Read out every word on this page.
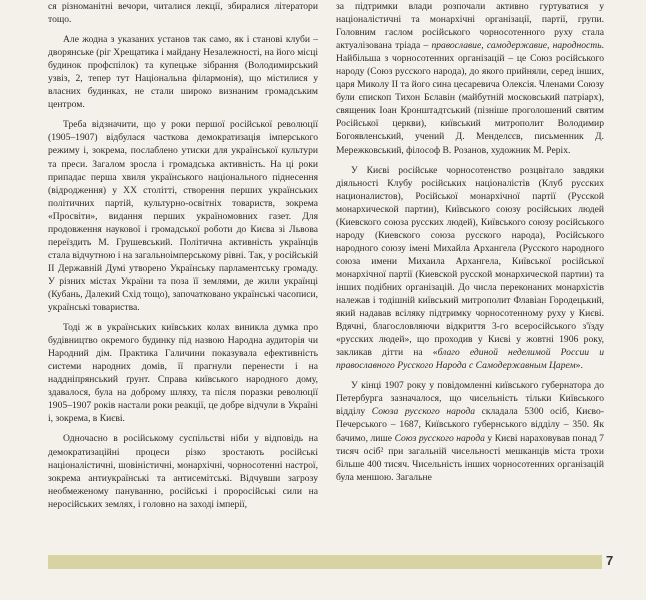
ся різноманітні вечори, читалися лекції, збиралися літератори тощо.

Але жодна з указаних установ так само, як і станові клуби – дворянське (ріг Хрещатика і майдану Незалежності, на його місці будинок профспілок) та купецьке зібрання (Володимирський узвіз, 2, тепер тут Національна філармонія), що містилися у власних будинках, не стали широко визнаним громадським центром.

Треба відзначити, що у роки першої російської революції (1905–1907) відбулася часткова демократизація імперського режиму і, зокрема, послаблено утиски для української культури та преси. Загалом зросла і громадська активність. На ці роки припадає перша хвиля українського національного піднесення (відродження) у ХХ столітті, створення перших українських політичних партій, культурно-освітніх товариств, зокрема «Просвіти», видання перших україномовних газет. Для продовження наукової і громадської роботи до Києва зі Львова переїздить М. Грушевський. Політична активність українців стала відчутною і на загальноімперському рівні. Так, у російській ІІ Державній Думі утворено Українську парламентську громаду. У різних містах України та поза її землями, де жили українці (Кубань, Далекий Схід тощо), започатковано українські часописи, українські товариства.

Тоді ж в українських київських колах виникла думка про будівництво окремого будинку під назвою Народна аудиторія чи Народний дім. Практика Галичини показувала ефективність системи народних домів, її прагнули перенести і на наддніпрянський ґрунт. Справа київського народного дому, здавалося, була на доброму шляху, та після поразки революції 1905–1907 років настали роки реакції, це добре відчули в Україні і, зокрема, в Києві.

Одночасно в російському суспільстві ніби у відповідь на демократизаційні процеси різко зростають російські націоналістичні, шовіністичні, монархічні, чорносотенні настрої, зокрема антиукраїнські та антисемітські. Відчувши загрозу необмеженому пануванню, російські і проросійські сили на неросійських землях, і головно на заході імперії,

за підтримки влади розпочали активно гуртуватися у націоналістичні та монархічні організації, партії, групи. Головним гаслом російського чорносотенного руху стала актуалізована тріада – православие, самодержавие, народность. Найбільша з чорносотенних організацій – це Союз російського народу (Союз русского народа), до якого прийняли, серед інших, царя Миколу ІІ та його сина цесаревича Олексія. Членами Союзу були єпископ Тихон Бєлавін (майбутній московський патріарх), священик Іоан Кронштадтський (пізніше проголошений святим Російської церкви), київський митрополит Володимир Богоявленський, учений Д. Менделєєв, письменник Д. Мережковський, філософ В. Розанов, художник М. Реріх.

У Києві російське чорносотенство розцвітало завдяки діяльності Клубу російських націоналістів (Клуб русских националистов), Російської монархічної партії (Русской монархической партии), Київського союзу російських людей (Киевского союза русских людей), Київського союзу російського народу (Киевского союза русского народа), Російського народного союзу імені Михайла Архангела (Русского народного союза имени Михаила Архангела, Київської російської монархічної партії (Киевской русской монархической партии) та інших подібних організацій. До числа переконаних монархістів належав і тодішній київський митрополит Флавіан Городецький, який надавав всіляку підтримку чорносотенному руху у Києві. Вдячні, благословляючи відкриття 3-го всеросійського з'їзду «русских людей», що проходив у Києві у жовтні 1906 року, закликав дітти на «благо единой неделимой России и православного Русского Народа с Самодержавным Царем».

У кінці 1907 року у повідомленні київського губернатора до Петербурга зазначалося, що чисельність тільки Київського відділу Союза русского народа складала 5300 осіб, Києво-Печерського – 1687, Київського губернського відділу – 350. Як бачимо, лише Союз русского народа у Києві нараховував понад 7 тисяч осіб² при загальній чисельності мешканців міста трохи більше 400 тисяч. Чисельність інших чорносотенних організацій була меншою. Загальне

7
